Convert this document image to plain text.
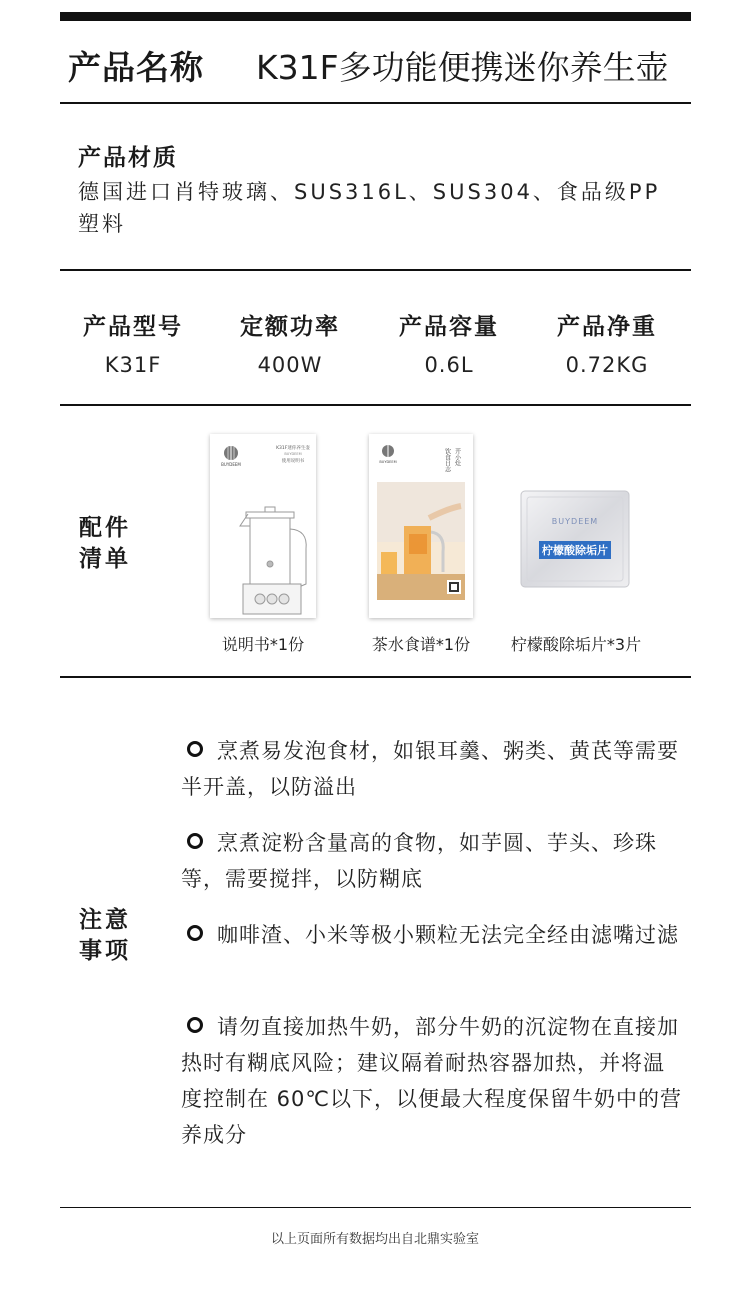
产品名称 K31F多功能便携迷你养生壶
产品材质
德国进口肖特玻璃、SUS316L、SUS304、食品级PP塑料
产品型号
K31F
定额功率
400W
产品容量
0.6L
产品净重
0.72KG
配件
清单
BUYDEEM
K31F迷你养生壶
BUYDEEM
使用说明书	BUYDEEM	开小灶
饮食日志
BUYDEEM
柠檬酸除垢片
说明书*1份	茶水食谱*1份	柠檬酸除垢片*3片
注意
事项
烹煮易发泡食材，如银耳羹、粥类、黄芪等需要半开盖，以防溢出
烹煮淀粉含量高的食物，如芋圆、芋头、珍珠等，需要搅拌，以防糊底
咖啡渣、小米等极小颗粒无法完全经由滤嘴过滤
请勿直接加热牛奶，部分牛奶的沉淀物在直接加热时有糊底风险；建议隔着耐热容器加热，并将温度控制在 60℃以下，以便最大程度保留牛奶中的营养成分
以上页面所有数据均出自北鼎实验室
